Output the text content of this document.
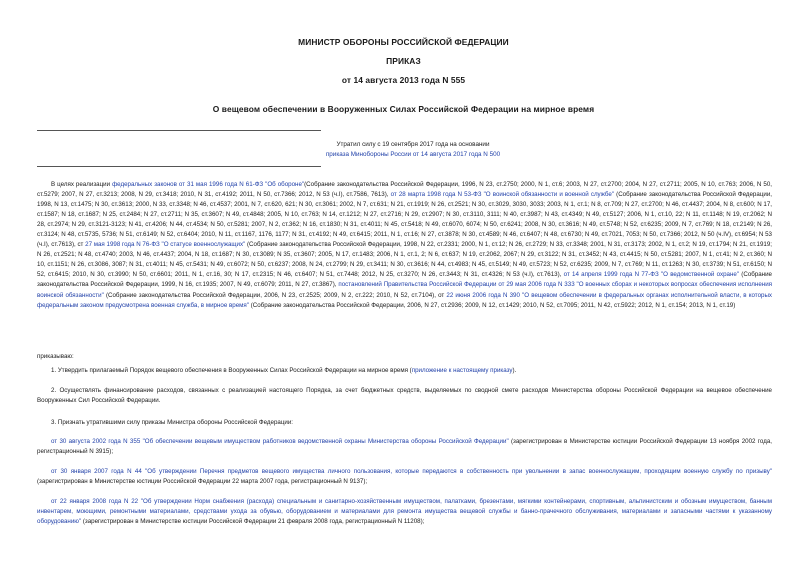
МИНИСТР ОБОРОНЫ РОССИЙСКОЙ ФЕДЕРАЦИИ
ПРИКАЗ
от 14 августа 2013 года N 555
О вещевом обеспечении в Вооруженных Силах Российской Федерации на мирное время
Утратил силу с 19 сентября 2017 года на основании
приказа Минобороны России от 14 августа 2017 года N 500

В целях реализации федеральных законов от 31 мая 1996 года N 61-ФЗ "Об обороне"(Собрание законодательства Российской Федерации, 1996, N 23, ст.2750; 2000, N 1, ст.6; 2003, N 27, ст.2700; 2004, N 27, ст.2711; 2005, N 10, ст.763; 2006, N 50, ст.5279; 2007, N 27, ст.3213; 2008, N 29, ст.3418; 2010, N 31, ст.4192; 2011, N 50, ст.7366; 2012, N 53 (ч.I), ст.7586, 7613), от 28 марта 1998 года N 53-ФЗ "О воинской обязанности и военной службе" (Собрание законодательства Российской Федерации, 1998, N 13, ст.1475; N 30, ст.3613; 2000, N 33, ст.3348; N 46, ст.4537; 2001, N 7, ст.620, 621; N 30, ст.3061; 2002, N 7, ст.631; N 21, ст.1919; N 26, ст.2521; N 30, ст.3029, 3030, 3033; 2003, N 1, ст.1; N 8, ст.709; N 27, ст.2700; N 46, ст.4437; 2004, N 8, ст.600; N 17, ст.1587; N 18, ст.1687; N 25, ст.2484; N 27, ст.2711; N 35, ст.3607; N 49, ст.4848; 2005, N 10, ст.763; N 14, ст.1212; N 27, ст.2716; N 29, ст.2907; N 30, ст.3110, 3111; N 40, ст.3987; N 43, ст.4349; N 49, ст.5127; 2006, N 1, ст.10, 22; N 11, ст.1148; N 19, ст.2062; N 28, ст.2974; N 29, ст.3121-3123; N 41, ст.4206; N 44, ст.4534; N 50, ст.5281; 2007, N 2, ст.362; N 16, ст.1830; N 31, ст.4011; N 45, ст.5418; N 49, ст.6070, 6074; N 50, ст.6241; 2008, N 30, ст.3616; N 49, ст.5748; N 52, ст.6235; 2009, N 7, ст.769; N 18, ст.2149; N 26, ст.3124; N 48, ст.5735, 5736; N 51, ст.6149; N 52, ст.6404; 2010, N 11, ст.1167, 1176, 1177; N 31, ст.4192; N 49, ст.6415; 2011, N 1, ст.16; N 27, ст.3878; N 30, ст.4589; N 46, ст.6407; N 48, ст.6730; N 49, ст.7021, 7053; N 50, ст.7366; 2012, N 50 (ч.IV), ст.6954; N 53 (ч.I), ст.7613), ст 27 мая 1998 года N 76-ФЗ "О статусе военнослужащих" (Собрание законодательства Российской Федерации, 1998, N 22, ст.2331; 2000, N 1, ст.12; N 26, ст.2729; N 33, ст.3348; 2001, N 31, ст.3173; 2002, N 1, ст.2; N 19, ст.1794; N 21, ст.1919; N 26, ст.2521; N 48, ст.4740; 2003, N 46, ст.4437; 2004, N 18, ст.1687; N 30, ст.3089; N 35, ст.3607; 2005, N 17, ст.1483; 2006, N 1, ст.1, 2; N 6, ст.637; N 19, ст.2062, 2067; N 29, ст.3122; N 31, ст.3452; N 43, ст.4415; N 50, ст.5281; 2007, N 1, ст.41; N 2, ст.360; N 10, ст.1151; N 26, ст.3086, 3087; N 31, ст.4011; N 45, ст.5431; N 49, ст.6072; N 50, ст.6237; 2008, N 24, ст.2799; N 29, ст.3411; N 30, ст.3616; N 44, ст.4983; N 45, ст.5149; N 49, ст.5723; N 52, ст.6235; 2009, N 7, ст.769; N 11, ст.1263; N 30, ст.3739; N 51, ст.6150; N 52, ст.6415; 2010, N 30, ст.3990; N 50, ст.6601; 2011, N 1, ст.16, 30; N 17, ст.2315; N 46, ст.6407; N 51, ст.7448; 2012, N 25, ст.3270; N 26, ст.3443; N 31, ст.4326; N 53 (ч.I), ст.7613), от 14 апреля 1999 года N 77-ФЗ "О ведомственной охране" (Собрание законодательства Российской Федерации, 1999, N 16, ст.1935; 2007, N 49, ст.6079; 2011, N 27, ст.3867), постановлений Правительства Российской Федерации от 29 мая 2006 года N 333 "О военных сборах и некоторых вопросах обеспечения исполнения воинской обязанности" (Собрание законодательства Российской Федерации, 2006, N 23, ст.2525; 2009, N 2, ст.222; 2010, N 52, ст.7104), от 22 июня 2006 года N 390 "О вещевом обеспечении в федеральных органах исполнительной власти, в которых федеральным законом предусмотрена военная служба, в мирное время" (Собрание законодательства Российской Федерации, 2006, N 27, ст.2936; 2009, N 12, ст.1429; 2010, N 52, ст.7095; 2011, N 42, ст.5922; 2012, N 1, ст.154; 2013, N 1, ст.19)

приказываю:

1. Утвердить прилагаемый Порядок вещевого обеспечения в Вооруженных Силах Российской Федерации на мирное время (приложение к настоящему приказу).

2. Осуществлять финансирование расходов, связанных с реализацией настоящего Порядка, за счет бюджетных средств, выделяемых по сводной смете расходов Министерства обороны Российской Федерации на вещевое обеспечение Вооруженных Сил Российской Федерации.

3. Признать утратившими силу приказы Министра обороны Российской Федерации:

от 30 августа 2002 года N 355 "Об обеспечении вещевым имуществом работников ведомственной охраны Министерства обороны Российской Федерации" (зарегистрирован в Министерстве юстиции Российской Федерации 13 ноября 2002 года, регистрационный N 3915);

от 30 января 2007 года N 44 "Об утверждении Перечня предметов вещевого имущества личного пользования, которые передаются в собственность при увольнении в запас военнослужащим, проходящим военную службу по призыву" (зарегистрирован в Министерстве юстиции Российской Федерации 22 марта 2007 года, регистрационный N 9137);

от 22 января 2008 года N 22 "Об утверждении Норм снабжения (расхода) специальным и санитарно-хозяйственным имуществом, палатками, брезентами, мягкими контейнерами, спортивным, альпинистским и обозным имуществом, банным инвентарем, моющими, ремонтными материалами, средствами ухода за обувью, оборудованием и материалами для ремонта имущества вещевой службы и банно-прачечного обслуживания, материалами и запасными частями к указанному оборудованию" (зарегистрирован в Министерстве юстиции Российской Федерации 21 февраля 2008 года, регистрационный N 11208);
